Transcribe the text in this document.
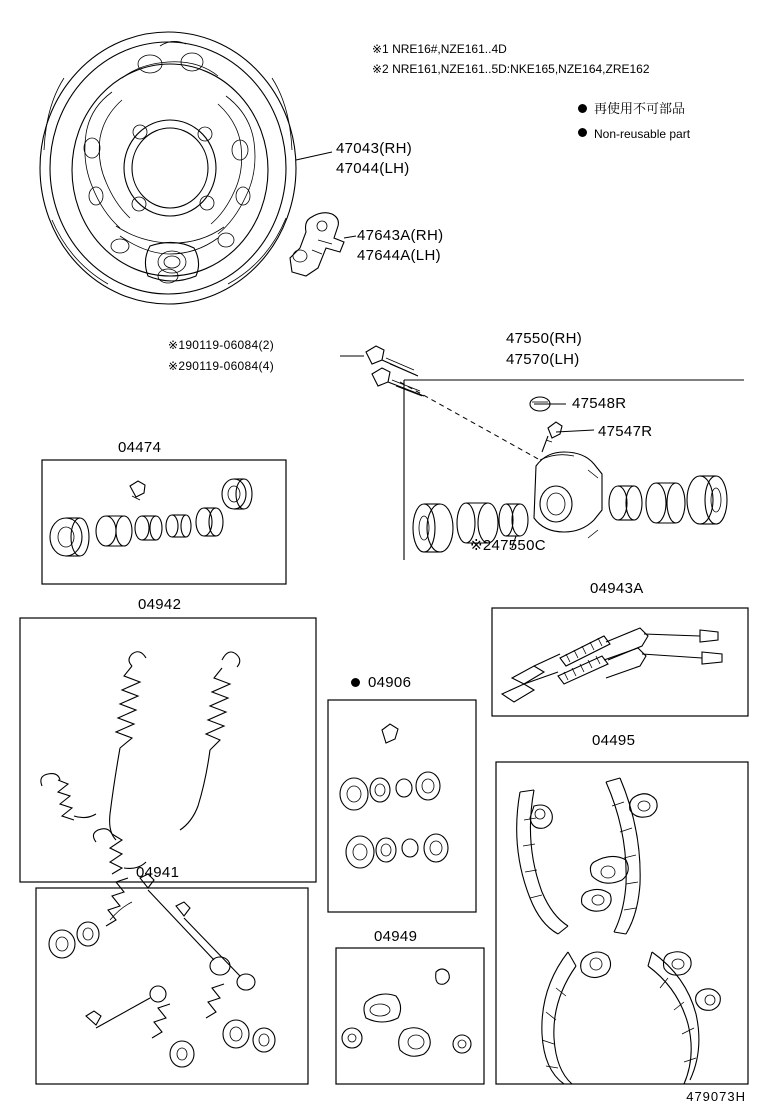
※1 NRE16#,NZE161..4D
※2 NRE161,NZE161..5D:NKE165,NZE164,ZRE162
再使用不可部品
Non-reusable part
47043(RH)
47044(LH)
47643A(RH)
47644A(LH)
※190119-06084(2)
※290119-06084(4)
47550(RH)
47570(LH)
47548R
47547R
※247550C
04474
04942
04941
04906
04949
04943A
04495
479073H
